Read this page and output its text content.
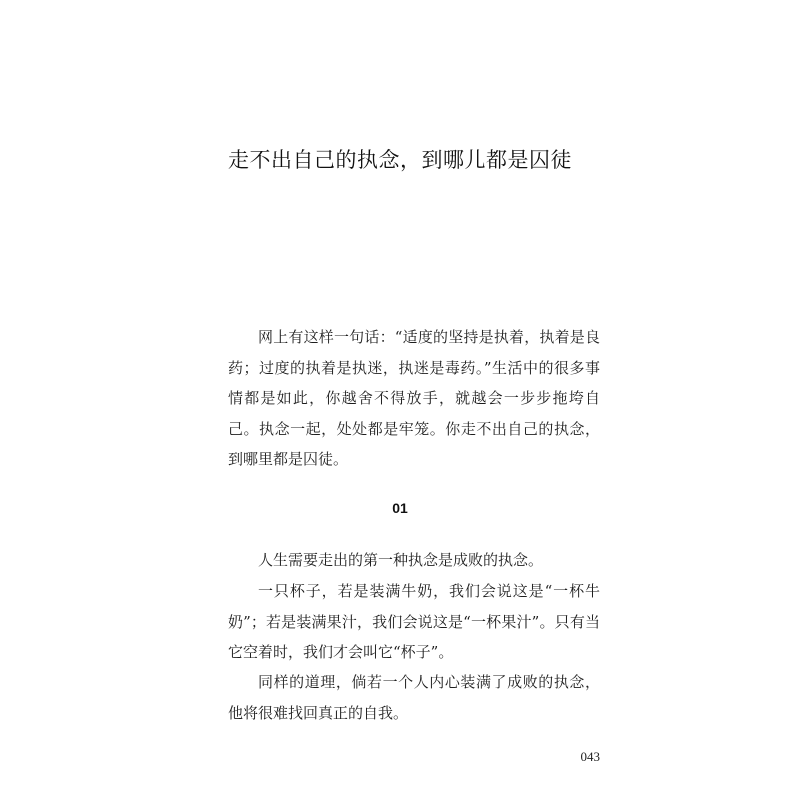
走不出自己的执念，到哪儿都是囚徒

网上有这样一句话：“适度的坚持是执着，执着是良药；过度的执着是执迷，执迷是毒药。”生活中的很多事情都是如此，你越舍不得放手，就越会一步步拖垮自己。执念一起，处处都是牢笼。你走不出自己的执念，到哪里都是囚徒。

01

人生需要走出的第一种执念是成败的执念。

一只杯子，若是装满牛奶，我们会说这是“一杯牛奶”；若是装满果汁，我们会说这是“一杯果汁”。只有当它空着时，我们才会叫它“杯子”。

同样的道理，倘若一个人内心装满了成败的执念，他将很难找回真正的自我。

043
